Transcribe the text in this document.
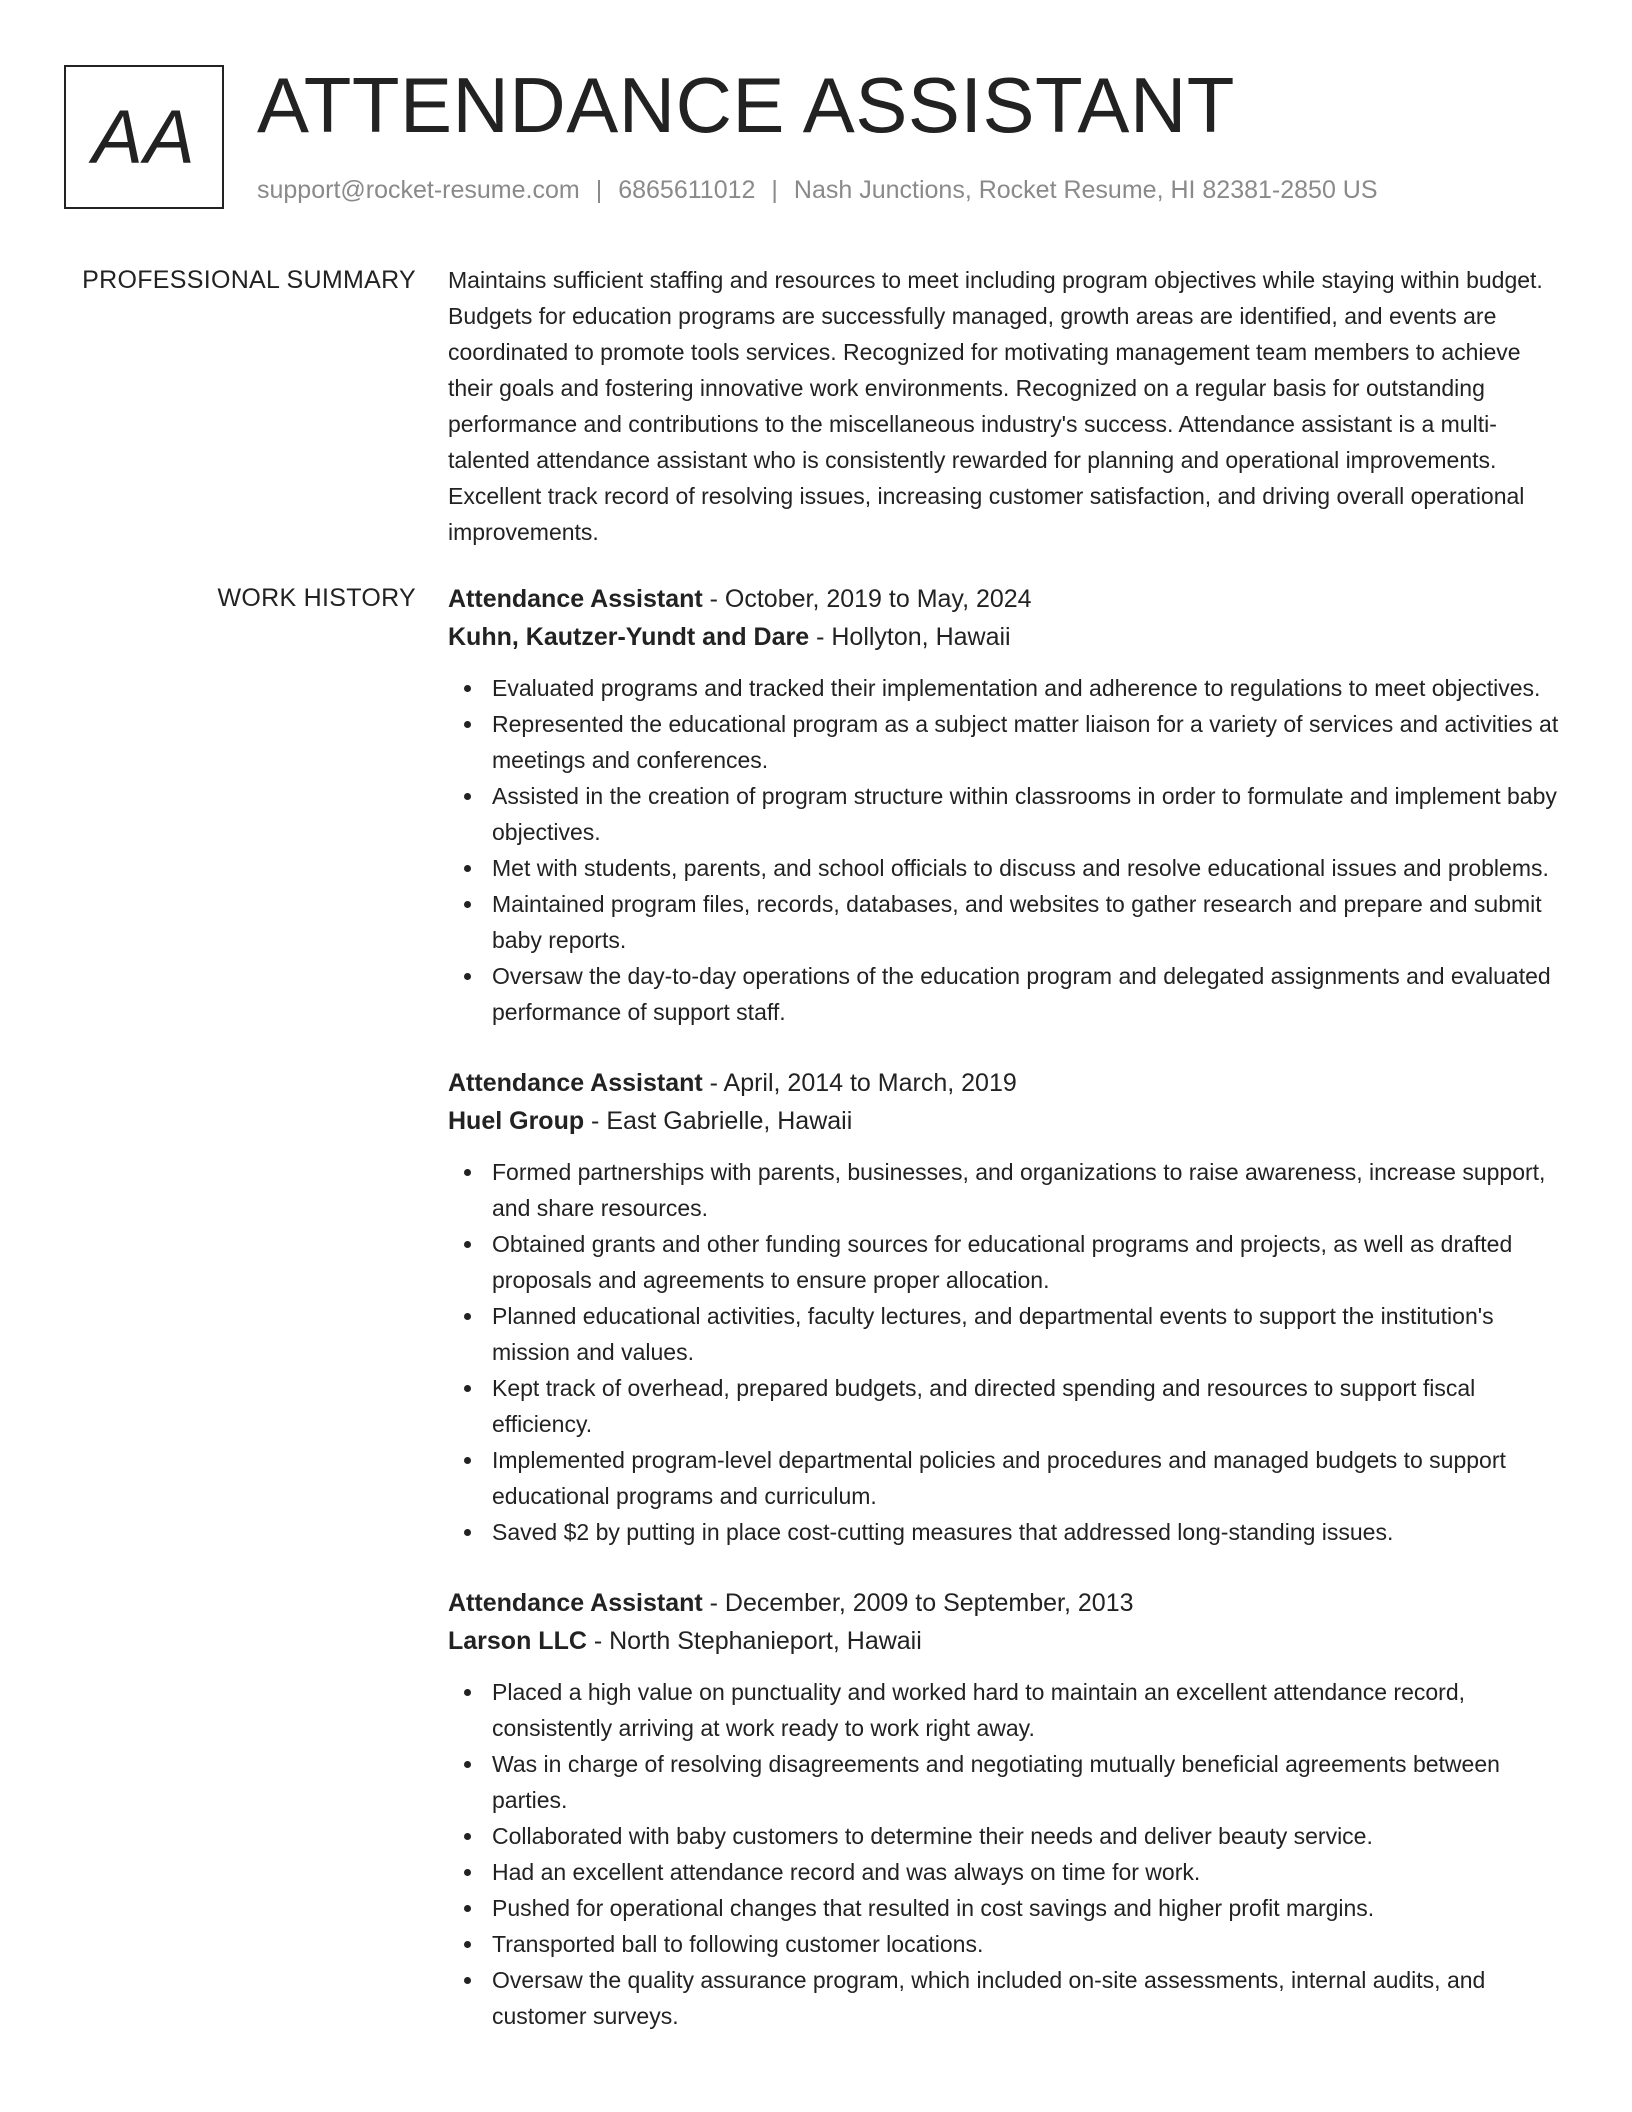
AA ATTENDANCE ASSISTANT
support@rocket-resume.com | 6865611012 | Nash Junctions, Rocket Resume, HI 82381-2850 US
PROFESSIONAL SUMMARY Maintains sufficient staffing and resources to meet including program objectives while staying within budget. Budgets for education programs are successfully managed, growth areas are identified, and events are coordinated to promote tools services. Recognized for motivating management team members to achieve their goals and fostering innovative work environments. Recognized on a regular basis for outstanding performance and contributions to the miscellaneous industry's success. Attendance assistant is a multi-talented attendance assistant who is consistently rewarded for planning and operational improvements. Excellent track record of resolving issues, increasing customer satisfaction, and driving overall operational improvements.

WORK HISTORY Attendance Assistant - October, 2019 to May, 2024
Kuhn, Kautzer-Yundt and Dare - Hollyton, Hawaii
Evaluated programs and tracked their implementation and adherence to regulations to meet objectives.
Represented the educational program as a subject matter liaison for a variety of services and activities at meetings and conferences.
Assisted in the creation of program structure within classrooms in order to formulate and implement baby objectives.
Met with students, parents, and school officials to discuss and resolve educational issues and problems.
Maintained program files, records, databases, and websites to gather research and prepare and submit baby reports.
Oversaw the day-to-day operations of the education program and delegated assignments and evaluated performance of support staff.
Attendance Assistant - April, 2014 to March, 2019
Huel Group - East Gabrielle, Hawaii
Formed partnerships with parents, businesses, and organizations to raise awareness, increase support, and share resources.
Obtained grants and other funding sources for educational programs and projects, as well as drafted proposals and agreements to ensure proper allocation.
Planned educational activities, faculty lectures, and departmental events to support the institution's mission and values.
Kept track of overhead, prepared budgets, and directed spending and resources to support fiscal efficiency.
Implemented program-level departmental policies and procedures and managed budgets to support educational programs and curriculum.
Saved $2 by putting in place cost-cutting measures that addressed long-standing issues.
Attendance Assistant - December, 2009 to September, 2013
Larson LLC - North Stephanieport, Hawaii
Placed a high value on punctuality and worked hard to maintain an excellent attendance record, consistently arriving at work ready to work right away.
Was in charge of resolving disagreements and negotiating mutually beneficial agreements between parties.
Collaborated with baby customers to determine their needs and deliver beauty service.
Had an excellent attendance record and was always on time for work.
Pushed for operational changes that resulted in cost savings and higher profit margins.
Transported ball to following customer locations.
Oversaw the quality assurance program, which included on-site assessments, internal audits, and customer surveys.
